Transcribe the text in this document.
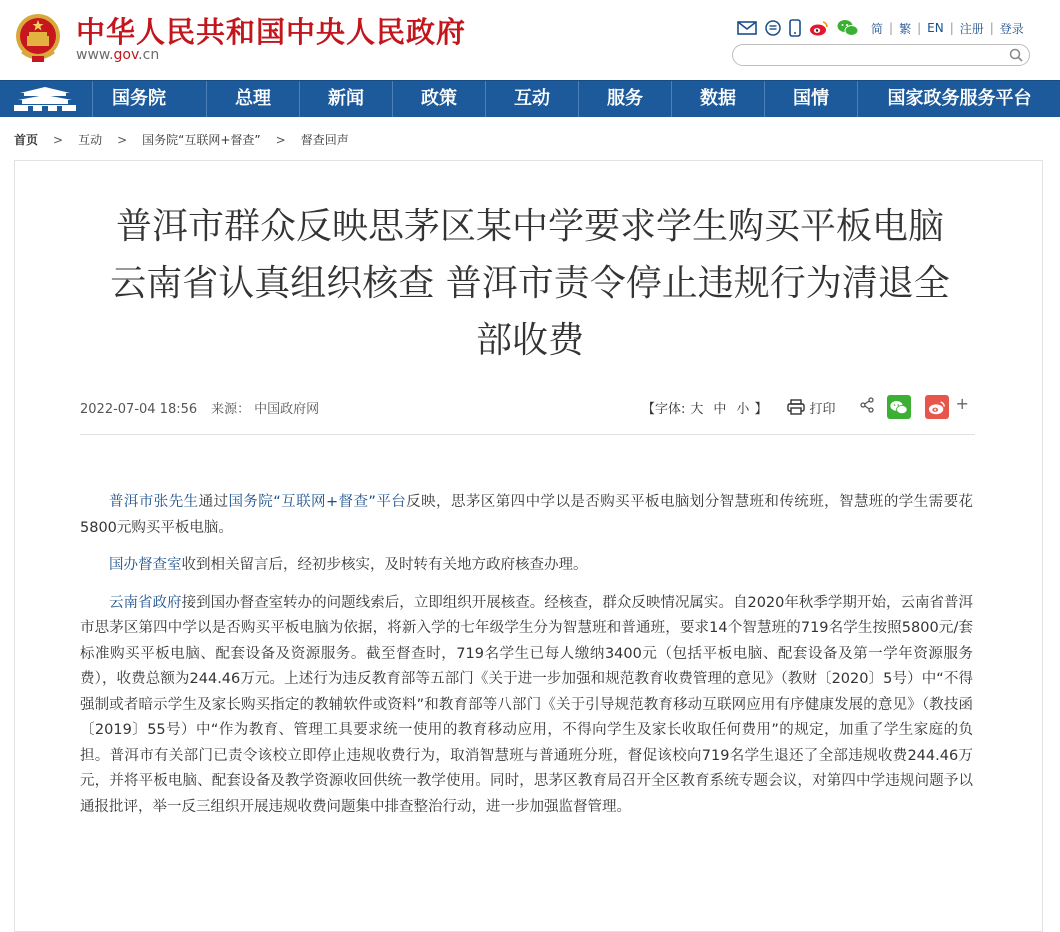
中华人民共和国中央人民政府
www.gov.cn
简 | 繁 | EN | 注册 | 登录
国务院	总理	新闻	政策	互动	服务	数据	国情	国家政务服务平台
首页 > 互动 > 国务院“互联网+督查” > 督查回声
普洱市群众反映思茅区某中学要求学生购买平板电脑
云南省认真组织核查 普洱市责令停止违规行为清退全
部收费
2022-07-04 18:56 来源： 中国政府网	【字体: 大 中 小 】	打印	+

普洱市张先生通过国务院“互联网+督查”平台反映，思茅区第四中学以是否购买平板电脑划分智慧班和传统班，智慧班的学生需要花5800元购买平板电脑。

国办督查室收到相关留言后，经初步核实，及时转有关地方政府核查办理。

云南省政府接到国办督查室转办的问题线索后，立即组织开展核查。经核查，群众反映情况属实。自2020年秋季学期开始，云南省普洱市思茅区第四中学以是否购买平板电脑为依据，将新入学的七年级学生分为智慧班和普通班，要求14个智慧班的719名学生按照5800元/套标准购买平板电脑、配套设备及资源服务。截至督查时，719名学生已每人缴纳3400元（包括平板电脑、配套设备及第一学年资源服务费），收费总额为244.46万元。上述行为违反教育部等五部门《关于进一步加强和规范教育收费管理的意见》（教财〔2020〕5号）中“不得强制或者暗示学生及家长购买指定的教辅软件或资料”和教育部等八部门《关于引导规范教育移动互联网应用有序健康发展的意见》（教技函〔2019〕55号）中“作为教育、管理工具要求统一使用的教育移动应用，不得向学生及家长收取任何费用”的规定，加重了学生家庭的负担。普洱市有关部门已责令该校立即停止违规收费行为，取消智慧班与普通班分班，督促该校向719名学生退还了全部违规收费244.46万元，并将平板电脑、配套设备及教学资源收回供统一教学使用。同时，思茅区教育局召开全区教育系统专题会议，对第四中学违规问题予以通报批评，举一反三组织开展违规收费问题集中排查整治行动，进一步加强监督管理。
